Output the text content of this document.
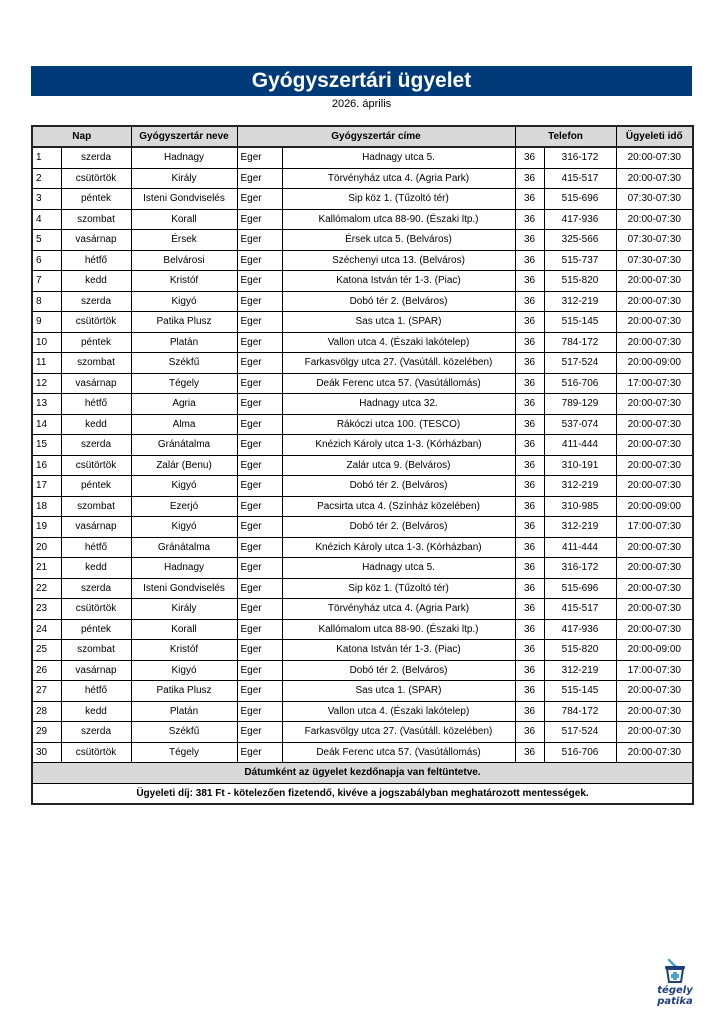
Gyógyszertári ügyelet
2026. április
Nap		Gyógyszertár neve	Gyógyszertár címe		Telefon		Ügyeleti idő
1	szerda	Hadnagy	Eger	Hadnagy utca 5.	36	316-172	20:00-07:30
2	csütörtök	Király	Eger	Törvényház utca 4. (Agria Park)	36	415-517	20:00-07:30
3	péntek	Isteni Gondviselés	Eger	Sip köz 1. (Tűzoltó tér)	36	515-696	07:30-07:30
4	szombat	Korall	Eger	Kallómalom utca 88-90. (Északi ltp.)	36	417-936	20:00-07:30
5	vasárnap	Érsek	Eger	Érsek utca 5. (Belváros)	36	325-566	07:30-07:30
6	hétfő	Belvárosi	Eger	Széchenyi utca 13. (Belváros)	36	515-737	07:30-07:30
7	kedd	Kristóf	Eger	Katona István tér 1-3. (Piac)	36	515-820	20:00-07:30
8	szerda	Kigyó	Eger	Dobó tér 2. (Belváros)	36	312-219	20:00-07:30
9	csütörtök	Patika Plusz	Eger	Sas utca 1. (SPAR)	36	515-145	20:00-07:30
10	péntek	Platán	Eger	Vallon utca 4. (Északi lakótelep)	36	784-172	20:00-07:30
11	szombat	Székfű	Eger	Farkasvölgy utca 27. (Vasútáll. közelében)	36	517-524	20:00-09:00
12	vasárnap	Tégely	Eger	Deák Ferenc utca 57. (Vasútállomás)	36	516-706	17:00-07:30
13	hétfő	Agria	Eger	Hadnagy utca 32.	36	789-129	20:00-07:30
14	kedd	Alma	Eger	Rákóczi utca 100. (TESCO)	36	537-074	20:00-07:30
15	szerda	Gránátalma	Eger	Knézich Károly utca 1-3. (Kórházban)	36	411-444	20:00-07:30
16	csütörtök	Zalár (Benu)	Eger	Zalár utca 9. (Belváros)	36	310-191	20:00-07:30
17	péntek	Kigyó	Eger	Dobó tér 2. (Belváros)	36	312-219	20:00-07:30
18	szombat	Ezerjó	Eger	Pacsirta utca 4. (Színház közelében)	36	310-985	20:00-09:00
19	vasárnap	Kigyó	Eger	Dobó tér 2. (Belváros)	36	312-219	17:00-07:30
20	hétfő	Gránátalma	Eger	Knézich Károly utca 1-3. (Kórházban)	36	411-444	20:00-07:30
21	kedd	Hadnagy	Eger	Hadnagy utca 5.	36	316-172	20:00-07:30
22	szerda	Isteni Gondviselés	Eger	Sip köz 1. (Tűzoltó tér)	36	515-696	20:00-07:30
23	csütörtök	Király	Eger	Törvényház utca 4. (Agria Park)	36	415-517	20:00-07:30
24	péntek	Korall	Eger	Kallómalom utca 88-90. (Északi ltp.)	36	417-936	20:00-07:30
25	szombat	Kristóf	Eger	Katona István tér 1-3. (Piac)	36	515-820	20:00-09:00
26	vasárnap	Kigyó	Eger	Dobó tér 2. (Belváros)	36	312-219	17:00-07:30
27	hétfő	Patika Plusz	Eger	Sas utca 1. (SPAR)	36	515-145	20:00-07:30
28	kedd	Platán	Eger	Vallon utca 4. (Északi lakótelep)	36	784-172	20:00-07:30
29	szerda	Székfű	Eger	Farkasvölgy utca 27. (Vasútáll. közelében)	36	517-524	20:00-07:30
30	csütörtök	Tégely	Eger	Deák Ferenc utca 57. (Vasútállomás)	36	516-706	20:00-07:30
Dátumként az ügyelet kezdőnapja van feltüntetve.							
Ügyeleti díj: 381 Ft - kötelezően fizetendő, kivéve a jogszabályban meghatározott mentességek.							
tégely patika
